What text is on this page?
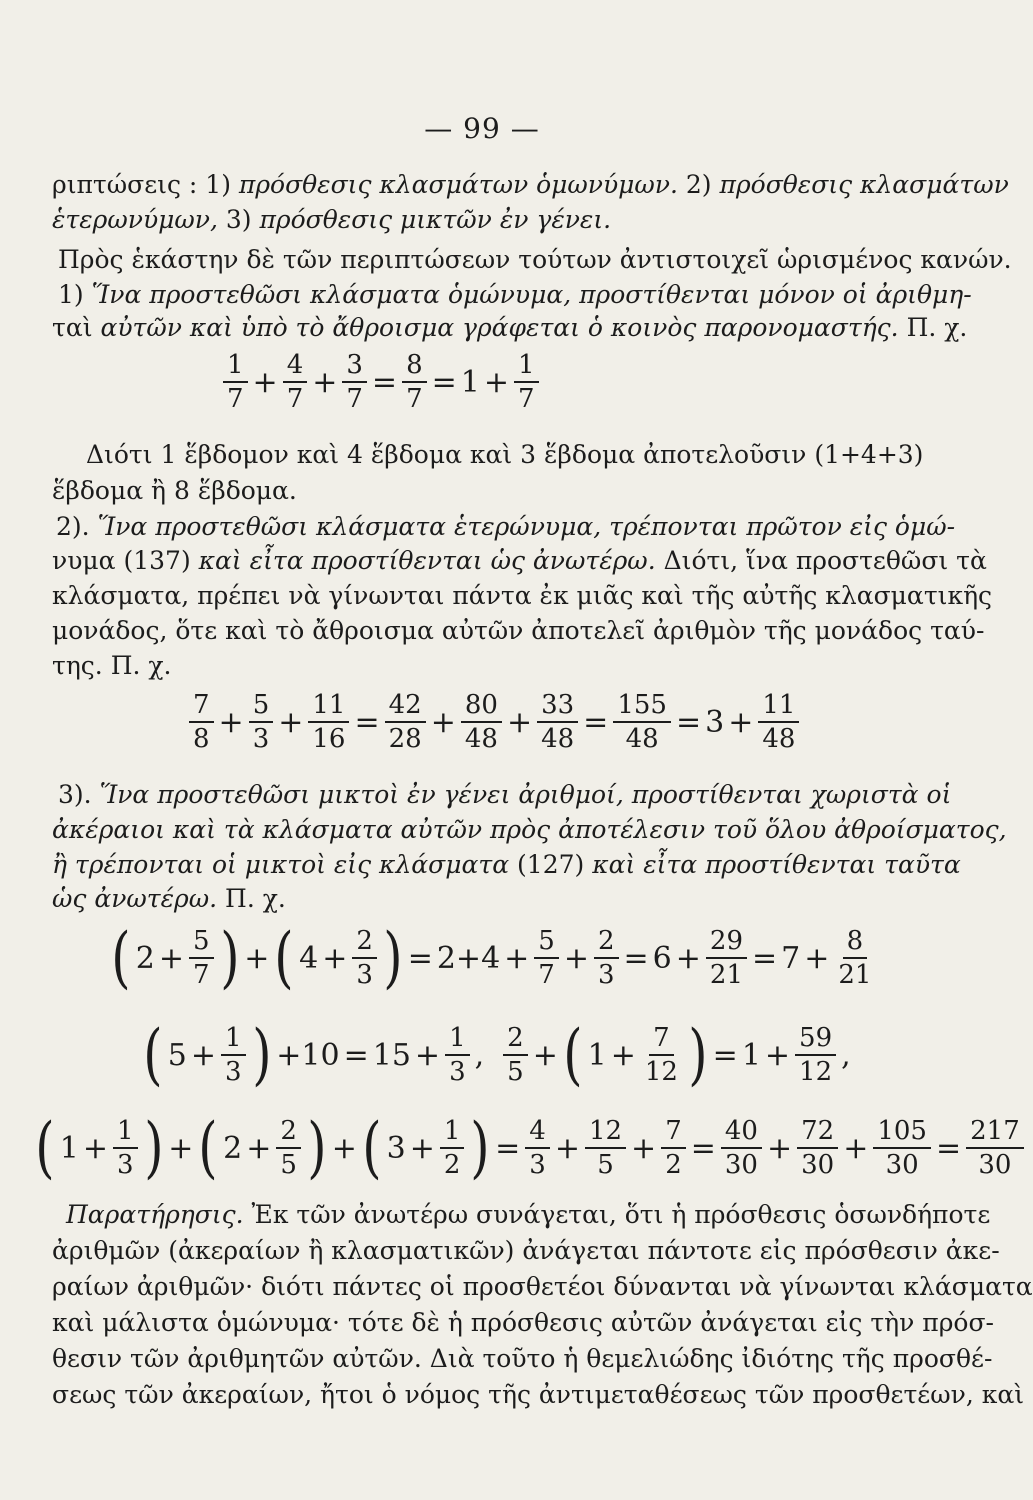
— 99 —
ριπτώσεις : 1) πρόσθεσις κλασμάτων ὁμωνύμων. 2) πρόσθεσις κλασμάτων
ἑτερωνύμων, 3) πρόσθεσις μικτῶν ἐν γένει.
Πρὸς ἑκάστην δὲ τῶν περιπτώσεων τούτων ἀντιστοιχεῖ ὡρισμένος κανών.
1) Ἵνα προστεθῶσι κλάσματα ὁμώνυμα, προστίθενται μόνον οἱ ἀριθμη-
ταὶ αὐτῶν καὶ ὑπὸ τὸ ἄθροισμα γράφεται ὁ κοινὸς παρονομαστής. Π. χ.
$\frac{1}{7} + \frac{4}{7} + \frac{3}{7} = \frac{8}{7} = 1 + \frac{1}{7}$
Διότι 1 ἕβδομον καὶ 4 ἕβδομα καὶ 3 ἕβδομα ἀποτελοῦσιν (1+4+3)
ἕβδομα ἢ 8 ἕβδομα.
2). Ἵνα προστεθῶσι κλάσματα ἑτερώνυμα, τρέπονται πρῶτον εἰς ὁμώ-
νυμα (137) καὶ εἶτα προστίθενται ὡς ἀνωτέρω. Διότι, ἵνα προστεθῶσι τὰ
κλάσματα, πρέπει νὰ γίνωνται πάντα ἐκ μιᾶς καὶ τῆς αὐτῆς κλασματικῆς
μονάδος, ὅτε καὶ τὸ ἄθροισμα αὐτῶν ἀποτελεῖ ἀριθμὸν τῆς μονάδος ταύ-
της. Π. χ.
$\frac{7}{8} + \frac{5}{3} + \frac{11}{16} = \frac{42}{28} + \frac{80}{48} + \frac{33}{48} = \frac{155}{48} = 3 + \frac{11}{48}$
3). Ἵνα προστεθῶσι μικτοὶ ἐν γένει ἀριθμοί, προστίθενται χωριστὰ οἱ
ἀκέραιοι καὶ τὰ κλάσματα αὐτῶν πρὸς ἀποτέλεσιν τοῦ ὅλου ἀθροίσματος,
ἢ τρέπονται οἱ μικτοὶ εἰς κλάσματα (127) καὶ εἶτα προστίθενται ταῦτα
ὡς ἀνωτέρω. Π. χ.
( $2 + \frac{5}{7}$ ) + ( $4 + \frac{2}{3}$ ) = $2+4 + \frac{5}{7} + \frac{2}{3} = 6 + \frac{29}{21} = 7 + \frac{8}{21}$
( $5 + \frac{1}{3}$ ) $+10 = 15 + \frac{1}{3}$ , $\frac{2}{5}$ + ( $1 + \frac{7}{12}$ ) = $1 + \frac{59}{12}$ ,
( $1 + \frac{1}{3}$ ) + ( $2 + \frac{2}{5}$ ) + ( $3 + \frac{1}{2}$ ) = $\frac{4}{3} + \frac{12}{5} + \frac{7}{2} = \frac{40}{30} + \frac{72}{30} + \frac{105}{30} = \frac{217}{30}$
Παρατήρησις. Ἐκ τῶν ἀνωτέρω συνάγεται, ὅτι ἡ πρόσθεσις ὁσωνδήποτε
ἀριθμῶν (ἀκεραίων ἢ κλασματικῶν) ἀνάγεται πάντοτε εἰς πρόσθεσιν ἀκε-
ραίων ἀριθμῶν· διότι πάντες οἱ προσθετέοι δύνανται νὰ γίνωνται κλάσματα
καὶ μάλιστα ὁμώνυμα· τότε δὲ ἡ πρόσθεσις αὐτῶν ἀνάγεται εἰς τὴν πρόσ-
θεσιν τῶν ἀριθμητῶν αὐτῶν. Διὰ τοῦτο ἡ θεμελιώδης ἰδιότης τῆς προσθέ-
σεως τῶν ἀκεραίων, ἤτοι ὁ νόμος τῆς ἀντιμεταθέσεως τῶν προσθετέων, καὶ
